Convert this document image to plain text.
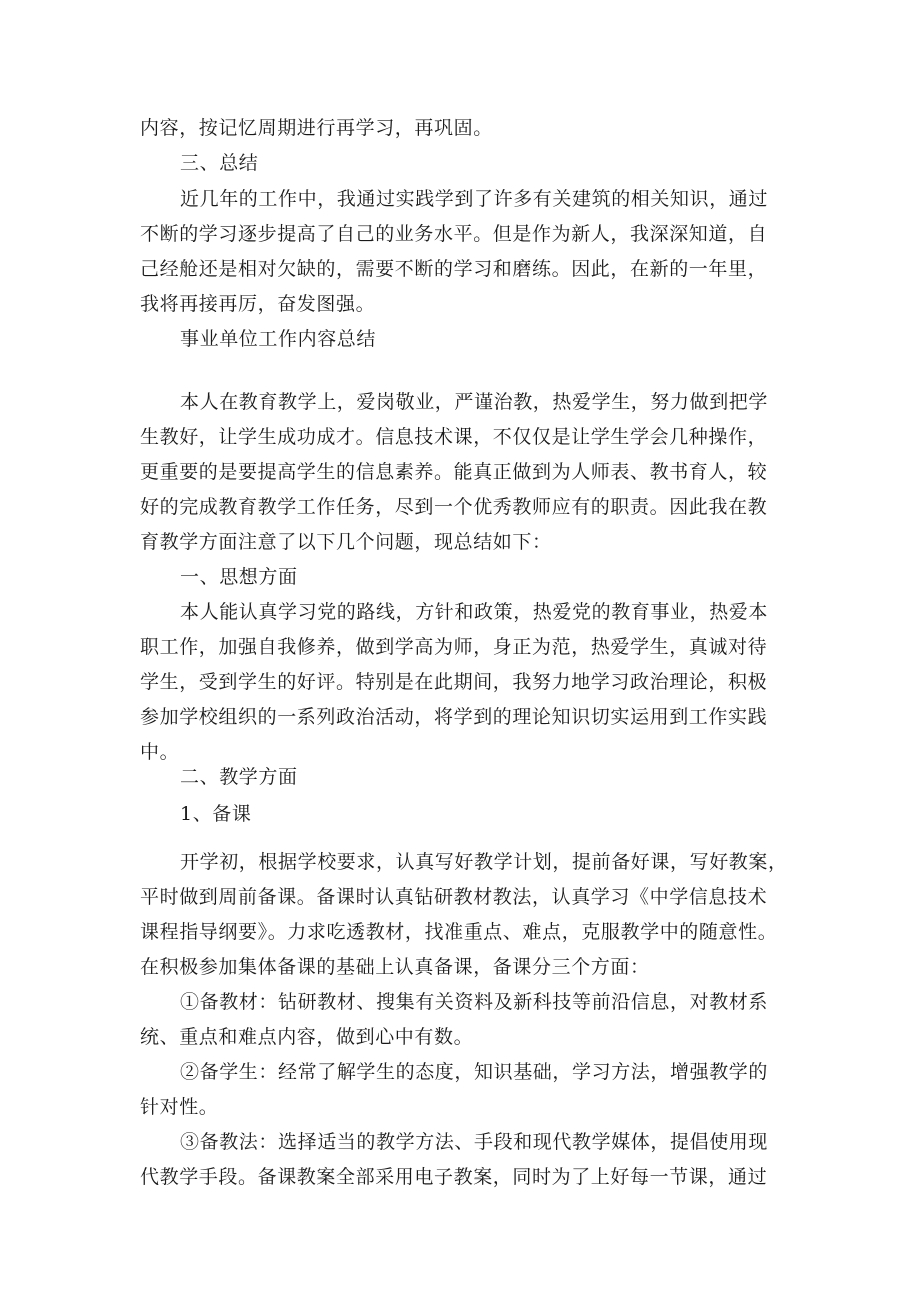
内容，按记忆周期进行再学习，再巩固。
三、总结
近几年的工作中，我通过实践学到了许多有关建筑的相关知识，通过
不断的学习逐步提高了自己的业务水平。但是作为新人，我深深知道，自
己经舱还是相对欠缺的，需要不断的学习和磨练。因此，在新的一年里，
我将再接再厉，奋发图强。
事业单位工作内容总结
本人在教育教学上，爱岗敬业，严谨治教，热爱学生，努力做到把学
生教好，让学生成功成才。信息技术课，不仅仅是让学生学会几种操作，
更重要的是要提高学生的信息素养。能真正做到为人师表、教书育人，较
好的完成教育教学工作任务，尽到一个优秀教师应有的职责。因此我在教
育教学方面注意了以下几个问题，现总结如下：
一、思想方面
本人能认真学习党的路线，方针和政策，热爱党的教育事业，热爱本
职工作，加强自我修养，做到学高为师，身正为范，热爱学生，真诚对待
学生，受到学生的好评。特别是在此期间，我努力地学习政治理论，积极
参加学校组织的一系列政治活动，将学到的理论知识切实运用到工作实践
中。
二、教学方面
1、备课
开学初，根据学校要求，认真写好教学计划，提前备好课，写好教案，
平时做到周前备课。备课时认真钻研教材教法，认真学习《中学信息技术
课程指导纲要》。力求吃透教材，找准重点、难点，克服教学中的随意性。
在积极参加集体备课的基础上认真备课，备课分三个方面：
①备教材：钻研教材、搜集有关资料及新科技等前沿信息，对教材系
统、重点和难点内容，做到心中有数。
②备学生：经常了解学生的态度，知识基础，学习方法，增强教学的
针对性。
③备教法：选择适当的教学方法、手段和现代教学媒体，提倡使用现
代教学手段。备课教案全部采用电子教案，同时为了上好每一节课，通过
